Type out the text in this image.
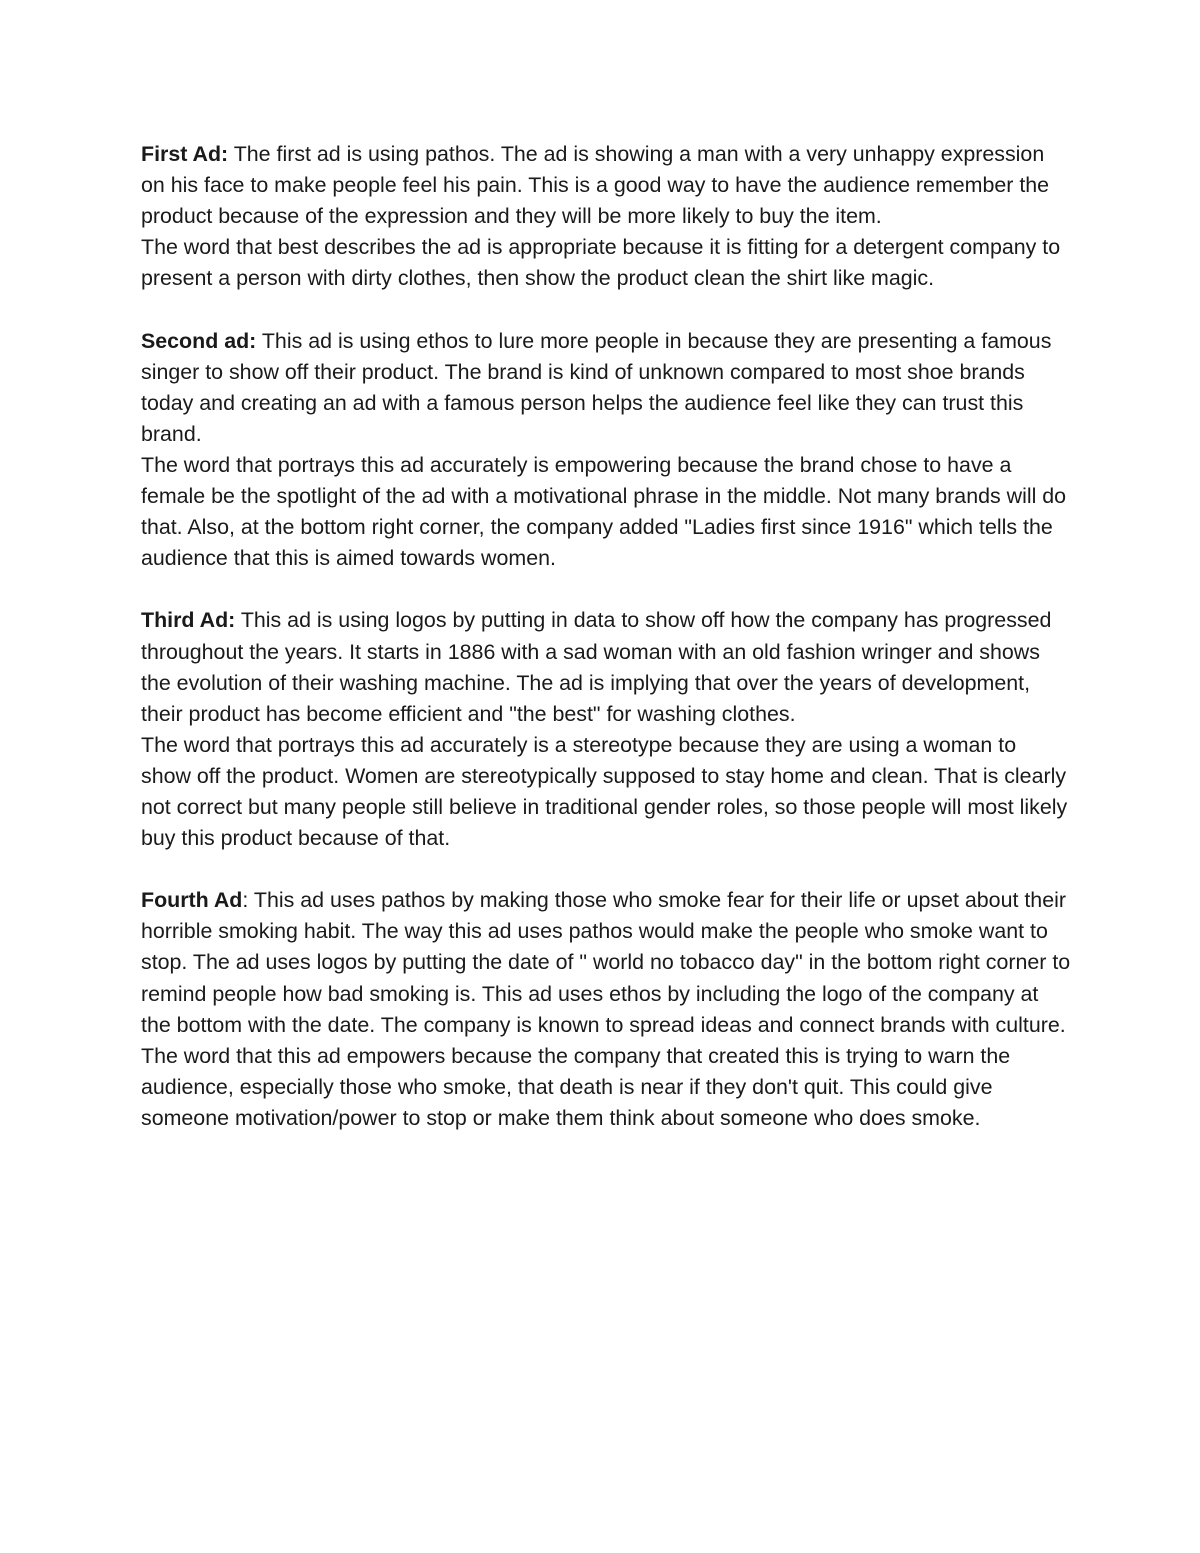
First Ad: The first ad is using pathos. The ad is showing a man with a very unhappy expression on his face to make people feel his pain. This is a good way to have the audience remember the product because of the expression and they will be more likely to buy the item.

The word that best describes the ad is appropriate because it is fitting for a detergent company to present a person with dirty clothes, then show the product clean the shirt like magic.

Second ad: This ad is using ethos to lure more people in because they are presenting a famous singer to show off their product. The brand is kind of unknown compared to most shoe brands today and creating an ad with a famous person helps the audience feel like they can trust this brand.

The word that portrays this ad accurately is empowering because the brand chose to have a female be the spotlight of the ad with a motivational phrase in the middle. Not many brands will do that. Also, at the bottom right corner, the company added "Ladies first since 1916" which tells the audience that this is aimed towards women.

Third Ad: This ad is using logos by putting in data to show off how the company has progressed throughout the years. It starts in 1886 with a sad woman with an old fashion wringer and shows the evolution of their washing machine. The ad is implying that over the years of development, their product has become efficient and "the best" for washing clothes.

The word that portrays this ad accurately is a stereotype because they are using a woman to show off the product. Women are stereotypically supposed to stay home and clean. That is clearly not correct but many people still believe in traditional gender roles, so those people will most likely buy this product because of that.

Fourth Ad: This ad uses pathos by making those who smoke fear for their life or upset about their horrible smoking habit. The way this ad uses pathos would make the people who smoke want to stop. The ad uses logos by putting the date of " world no tobacco day" in the bottom right corner to remind people how bad smoking is. This ad uses ethos by including the logo of the company at the bottom with the date. The company is known to spread ideas and connect brands with culture.

The word that this ad empowers because the company that created this is trying to warn the audience, especially those who smoke, that death is near if they don't quit. This could give someone motivation/power to stop or make them think about someone who does smoke.
